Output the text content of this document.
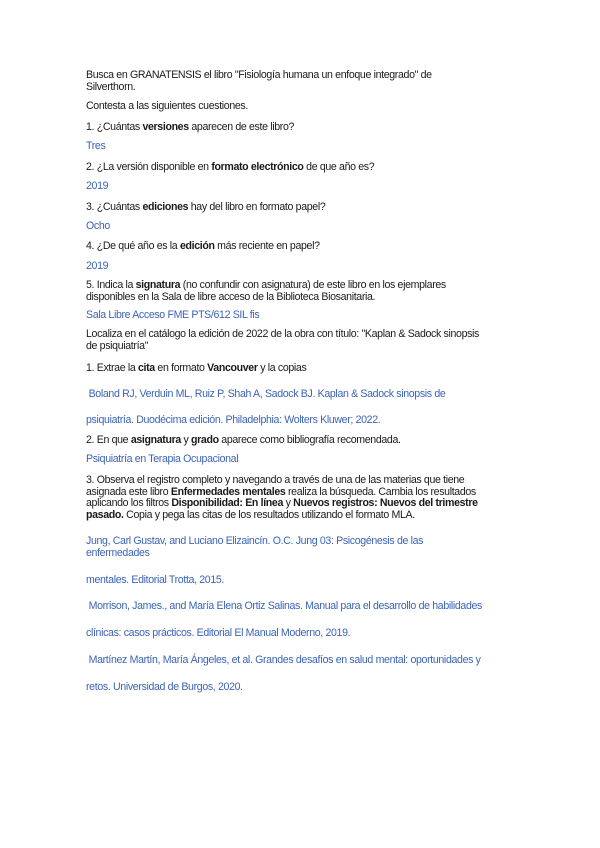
Busca en GRANATENSIS el libro "Fisiología humana un enfoque integrado" de
Silverthorn.

Contesta a las siguientes cuestiones.

1. ¿Cuántas versiones aparecen de este libro?

Tres

2. ¿La versión disponible en formato electrónico de que año es?

2019

3. ¿Cuántas ediciones hay del libro en formato papel?

Ocho

4. ¿De qué año es la edición más reciente en papel?

2019

5. Indica la signatura (no confundir con asignatura) de este libro en los ejemplares
disponibles en la Sala de libre acceso de la Biblioteca Biosanitaria.

Sala Libre Acceso FME PTS/612 SIL fis

Localiza en el catálogo la edición de 2022 de la obra con título: "Kaplan & Sadock sinopsis
de psiquiatría"

1. Extrae la cita en formato Vancouver y la copias

Boland RJ, Verduin ML, Ruiz P, Shah A, Sadock BJ. Kaplan & Sadock sinopsis de

psiquiatría. Duodécima edición. Philadelphia: Wolters Kluwer; 2022.

2. En que asignatura y grado aparece como bibliografía recomendada.

Psiquiatría en Terapia Ocupacional

3. Observa el registro completo y navegando a través de una de las materias que tiene
asignada este libro Enfermedades mentales realiza la búsqueda. Cambia los resultados
aplicando los filtros Disponibilidad: En línea y Nuevos registros: Nuevos del trimestre
pasado. Copia y pega las citas de los resultados utilizando el formato MLA.

Jung, Carl Gustav, and Luciano Elizaincín. O.C. Jung 03: Psicogénesis de las
enfermedades

mentales. Editorial Trotta, 2015.

Morrison, James., and María Elena Ortiz Salinas. Manual para el desarrollo de habilidades

clínicas: casos prácticos. Editorial El Manual Moderno, 2019.

Martínez Martín, María Ángeles, et al. Grandes desafíos en salud mental: oportunidades y

retos. Universidad de Burgos, 2020.
